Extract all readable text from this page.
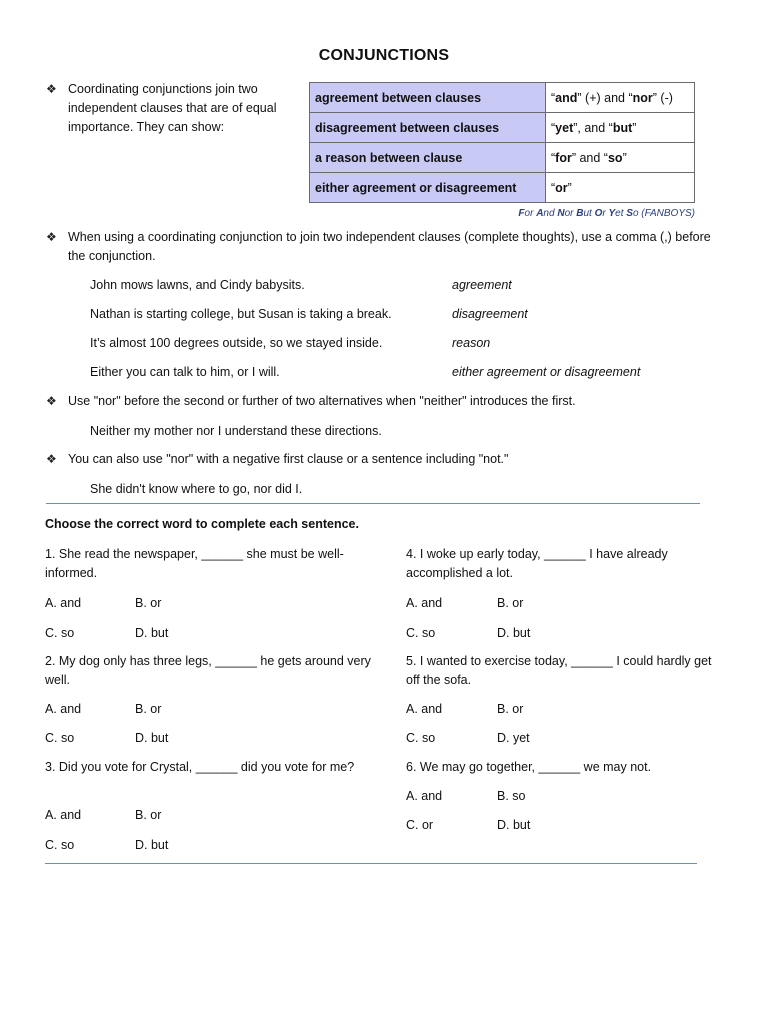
CONJUNCTIONS
❖ Coordinating conjunctions join two independent clauses that are of equal importance. They can show:
agreement between clauses	“and” (+) and “nor” (-)
disagreement between clauses	“yet”, and “but”
a reason between clause	“for” and “so”
either agreement or disagreement	“or”
For And Nor But Or Yet So (FANBOYS)
❖ When using a coordinating conjunction to join two independent clauses (complete thoughts), use a comma (,) before the conjunction.
John mows lawns, and Cindy babysits.	agreement
Nathan is starting college, but Susan is taking a break.	disagreement
It’s almost 100 degrees outside, so we stayed inside.	reason
Either you can talk to him, or I will.	either agreement or disagreement
❖ Use "nor" before the second or further of two alternatives when "neither" introduces the first.
Neither my mother nor I understand these directions.
❖ You can also use "nor" with a negative first clause or a sentence including "not."
She didn't know where to go, nor did I.
Choose the correct word to complete each sentence.
1. She read the newspaper, ______ she must be well-informed.
A. and	B. or
C. so	D. but
2. My dog only has three legs, ______ he gets around very well.
A. and	B. or
C. so	D. but
3. Did you vote for Crystal, ______ did you vote for me?
A. and	B. or
C. so	D. but
4. I woke up early today, ______ I have already accomplished a lot.
A. and	B. or
C. so	D. but
5. I wanted to exercise today, ______ I could hardly get off the sofa.
A. and	B. or
C. so	D. yet
6. We may go together, ______ we may not.
A. and	B. so
C. or	D. but
